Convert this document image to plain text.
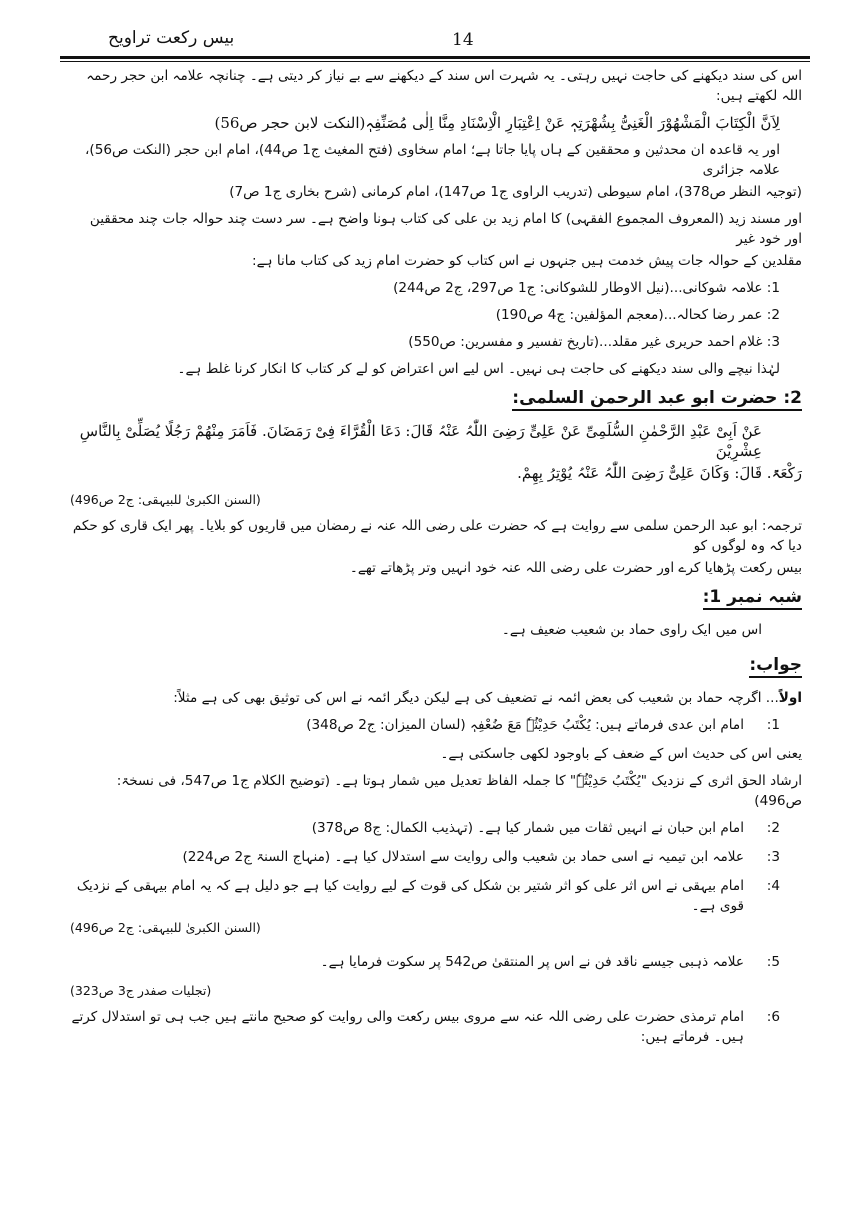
بیس رکعت تراویح	14

اس کی سند دیکھنے کی حاجت نہیں رہتی۔ یہ شہرت اس سند کے دیکھنے سے بے نیاز کر دیتی ہے۔ چنانچہ علامہ ابن حجر رحمہ اللہ لکھتے ہیں:

لِاَنَّ الْکِتَابَ الْمَشْھُوْرَ الْغَنِیُّ بِشُھْرَتِہٖ عَنْ اِعْتِبَارِ الْاِسْنَادِ مِنَّا اِلٰی مُصَنِّفِہٖ(النکت لابن حجر ص56)

اور یہ قاعدہ ان محدثین و محققین کے ہاں پایا جاتا ہے؛ امام سخاوی (فتح المغیث ج1 ص44)، امام ابن حجر (النکت ص56)، علامہ جزائری

(توجیہ النظر ص378)، امام سیوطی (تدریب الراوی ج1 ص147)، امام کرمانی (شرح بخاری ج1 ص7)

اور مسند زید (المعروف المجموع الفقہی) کا امام زید بن علی کی کتاب ہونا واضح ہے۔ سر دست چند حوالہ جات چند محققین اور خود غیر

مقلدین کے حوالہ جات پیش خدمت ہیں جنہوں نے اس کتاب کو حضرت امام زید کی کتاب مانا ہے:

1: علامہ شوکانی...(نیل الاوطار للشوکانی: ج1 ص297، ج2 ص244)

2: عمر رضا کحالہ...(معجم المؤلفین: ج4 ص190)

3: غلام احمد حریری غیر مقلد...(تاریخ تفسیر و مفسرین: ص550)

لہٰذا نیچے والی سند دیکھنے کی حاجت ہی نہیں۔ اس لیے اس اعتراض کو لے کر کتاب کا انکار کرنا غلط ہے۔

2: حضرت ابو عبد الرحمن السلمی:

عَنْ اَبِیْ عَبْدِ الرَّحْمٰنِ السُّلَمِیِّ عَنْ عَلِیٍّ رَضِیَ اللّٰہُ عَنْہُ قَالَ: دَعَا الْقُرَّاءَ فِیْ رَمَضَانَ. فَاَمَرَ مِنْھُمْ رَجُلًا یُصَلِّیْ بِالنَّاسِ عِشْرِیْنَ

رَکْعَۃً. قَالَ: وَکَانَ عَلِیٌّ رَضِیَ اللّٰہُ عَنْہُ یُوْتِرُ بِھِمْ.

(السنن الکبریٰ للبیہقی: ج2 ص496)

ترجمہ: ابو عبد الرحمن سلمی سے روایت ہے کہ حضرت علی رضی اللہ عنہ نے رمضان میں قاریوں کو بلایا۔ پھر ایک قاری کو حکم دیا کہ وہ لوگوں کو

بیس رکعت پڑھایا کرے اور حضرت علی رضی اللہ عنہ خود انہیں وتر پڑھاتے تھے۔

شبہ نمبر 1:

اس میں ایک راوی حماد بن شعیب ضعیف ہے۔

جواب:

اولاً... اگرچہ حماد بن شعیب کی بعض ائمہ نے تضعیف کی ہے لیکن دیگر ائمہ نے اس کی توثیق بھی کی ہے مثلاً:

1:
امام ابن عدی فرماتے ہیں: یُکْتَبُ حَدِیْثُہٗ مَعَ ضُعْفِہٖ (لسان المیزان: ج2 ص348)

یعنی اس کی حدیث اس کے ضعف کے باوجود لکھی جاسکتی ہے۔

ارشاد الحق اثری کے نزدیک "یُکْتَبُ حَدِیْثُہٗ" کا جملہ الفاظ تعدیل میں شمار ہوتا ہے۔ (توضیح الکلام ج1 ص547، فی نسخۃ: ص496)

2:
امام ابن حبان نے انہیں ثقات میں شمار کیا ہے۔ (تہذیب الکمال: ج8 ص378)
3:
علامہ ابن تیمیہ نے اسی حماد بن شعیب والی روایت سے استدلال کیا ہے۔ (منہاج السنۃ ج2 ص224)
4:
امام بیہقی نے اس اثر علی کو اثر شتیر بن شکل کی قوت کے لیے روایت کیا ہے جو دلیل ہے کہ یہ امام بیہقی کے نزدیک قوی ہے۔

(السنن الکبریٰ للبیہقی: ج2 ص496)

5:
علامہ ذہبی جیسے ناقد فن نے اس پر المنتقیٰ ص542 پر سکوت فرمایا ہے۔

(تجلیات صفدر ج3 ص323)

6:
امام ترمذی حضرت علی رضی اللہ عنہ سے مروی بیس رکعت والی روایت کو صحیح مانتے ہیں جب ہی تو استدلال کرتے ہیں۔ فرماتے ہیں:
